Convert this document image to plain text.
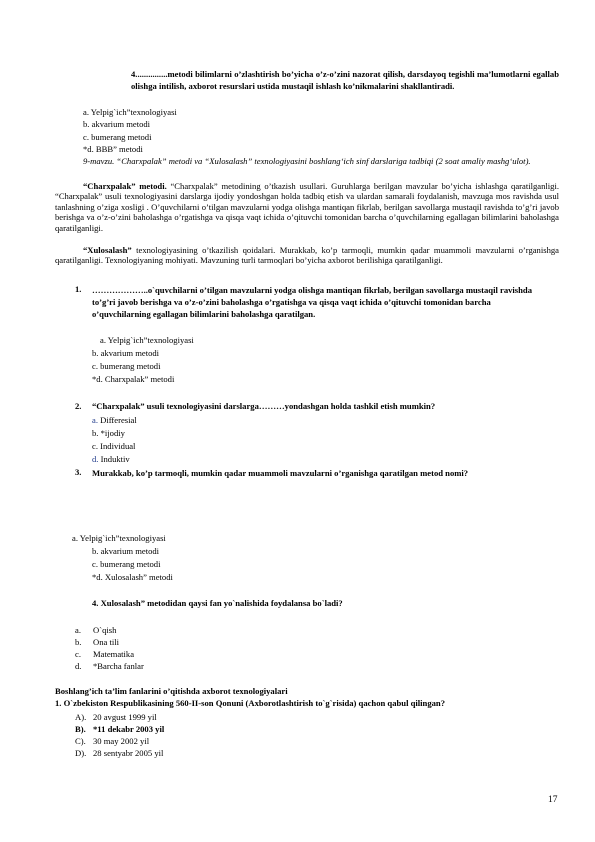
4...............metodi bilimlarni o’zlashtirish bo’yicha o’z-o’zini nazorat qilish, darsdayoq tegishli ma’lumotlarni egallab olishga intilish, axborot resurslari ustida mustaqil ishlash ko’nikmalarini shakllantiradi.
a. Yelpig`ich”texnologiyasi
b. akvarium metodi
c. bumerang metodi
*d. BBB” metodi
9-mavzu. “Charxpalak” metodi va “Xulosalash” texnologiyasini boshlang‘ich sinf darslariga tadbiqi (2 soat amaliy mashg‘ulot).
“Charxpalak” metodi. “Charxpalak” metodining o’tkazish usullari. Guruhlarga berilgan mavzular bo’yicha ishlashga qaratilganligi. “Charxpalak” usuli texnologiyasini darslarga ijodiy yondoshgan holda tadbiq etish va ulardan samarali foydalanish, mavzuga mos ravishda usul tanlashning o’ziga xosligi . O’quvchilarni o’tilgan mavzularni yodga olishga mantiqan fikrlab, berilgan savollarga mustaqil ravishda to’g’ri javob berishga va o’z-o’zini baholashga o’rgatishga va qisqa vaqt ichida o’qituvchi tomonidan barcha o’quvchilarning egallagan bilimlarini baholashga qaratilganligi.
“Xulosalash” texnologiyasining o’tkazilish qoidalari. Murakkab, ko’p tarmoqli, mumkin qadar muammoli mavzularni o’rganishga qaratilganligi. Texnologiyaning mohiyati. Mavzuning turli tarmoqlari bo’yicha axborot berilishiga qaratilganligi.
1. ………………..o`quvchilarni o’tilgan mavzularni yodga olishga mantiqan fikrlab, berilgan savollarga mustaqil ravishda to’g’ri javob berishga va o’z-o’zini baholashga o’rgatishga va qisqa vaqt ichida o’qituvchi tomonidan barcha o’quvchilarning egallagan bilimlarini baholashga qaratilgan.
a. Yelpig`ich”texnologiyasi
b. akvarium metodi
c. bumerang metodi
*d. Charxpalak” metodi
2. “Charxpalak” usuli texnologiyasini darslarga………yondashgan holda tashkil etish mumkin?
a. Differesial
b. *ijodiy
c. Individual
d. Induktiv
3. Murakkab, ko’p tarmoqli, mumkin qadar muammoli mavzularni o’rganishga qaratilgan metod nomi?
a. Yelpig`ich”texnologiyasi
b. akvarium metodi
c. bumerang metodi
*d. Xulosalash” metodi
4. Xulosalash” metodidan qaysi fan yo`nalishida foydalansa bo`ladi?
a. O`qish
b. Ona tili
c. Matematika
d. *Barcha fanlar
Boshlang’ich ta’lim fanlarini o’qitishda axborot texnologiyalari
1. O`zbekiston Respublikasining 560-II-son Qonuni (Axborotlashtirish to`g`risida) qachon qabul qilingan?
A). 20 avgust 1999 yil
B). *11 dekabr 2003 yil
C). 30 may 2002 yil
D). 28 sentyabr 2005 yil
17
